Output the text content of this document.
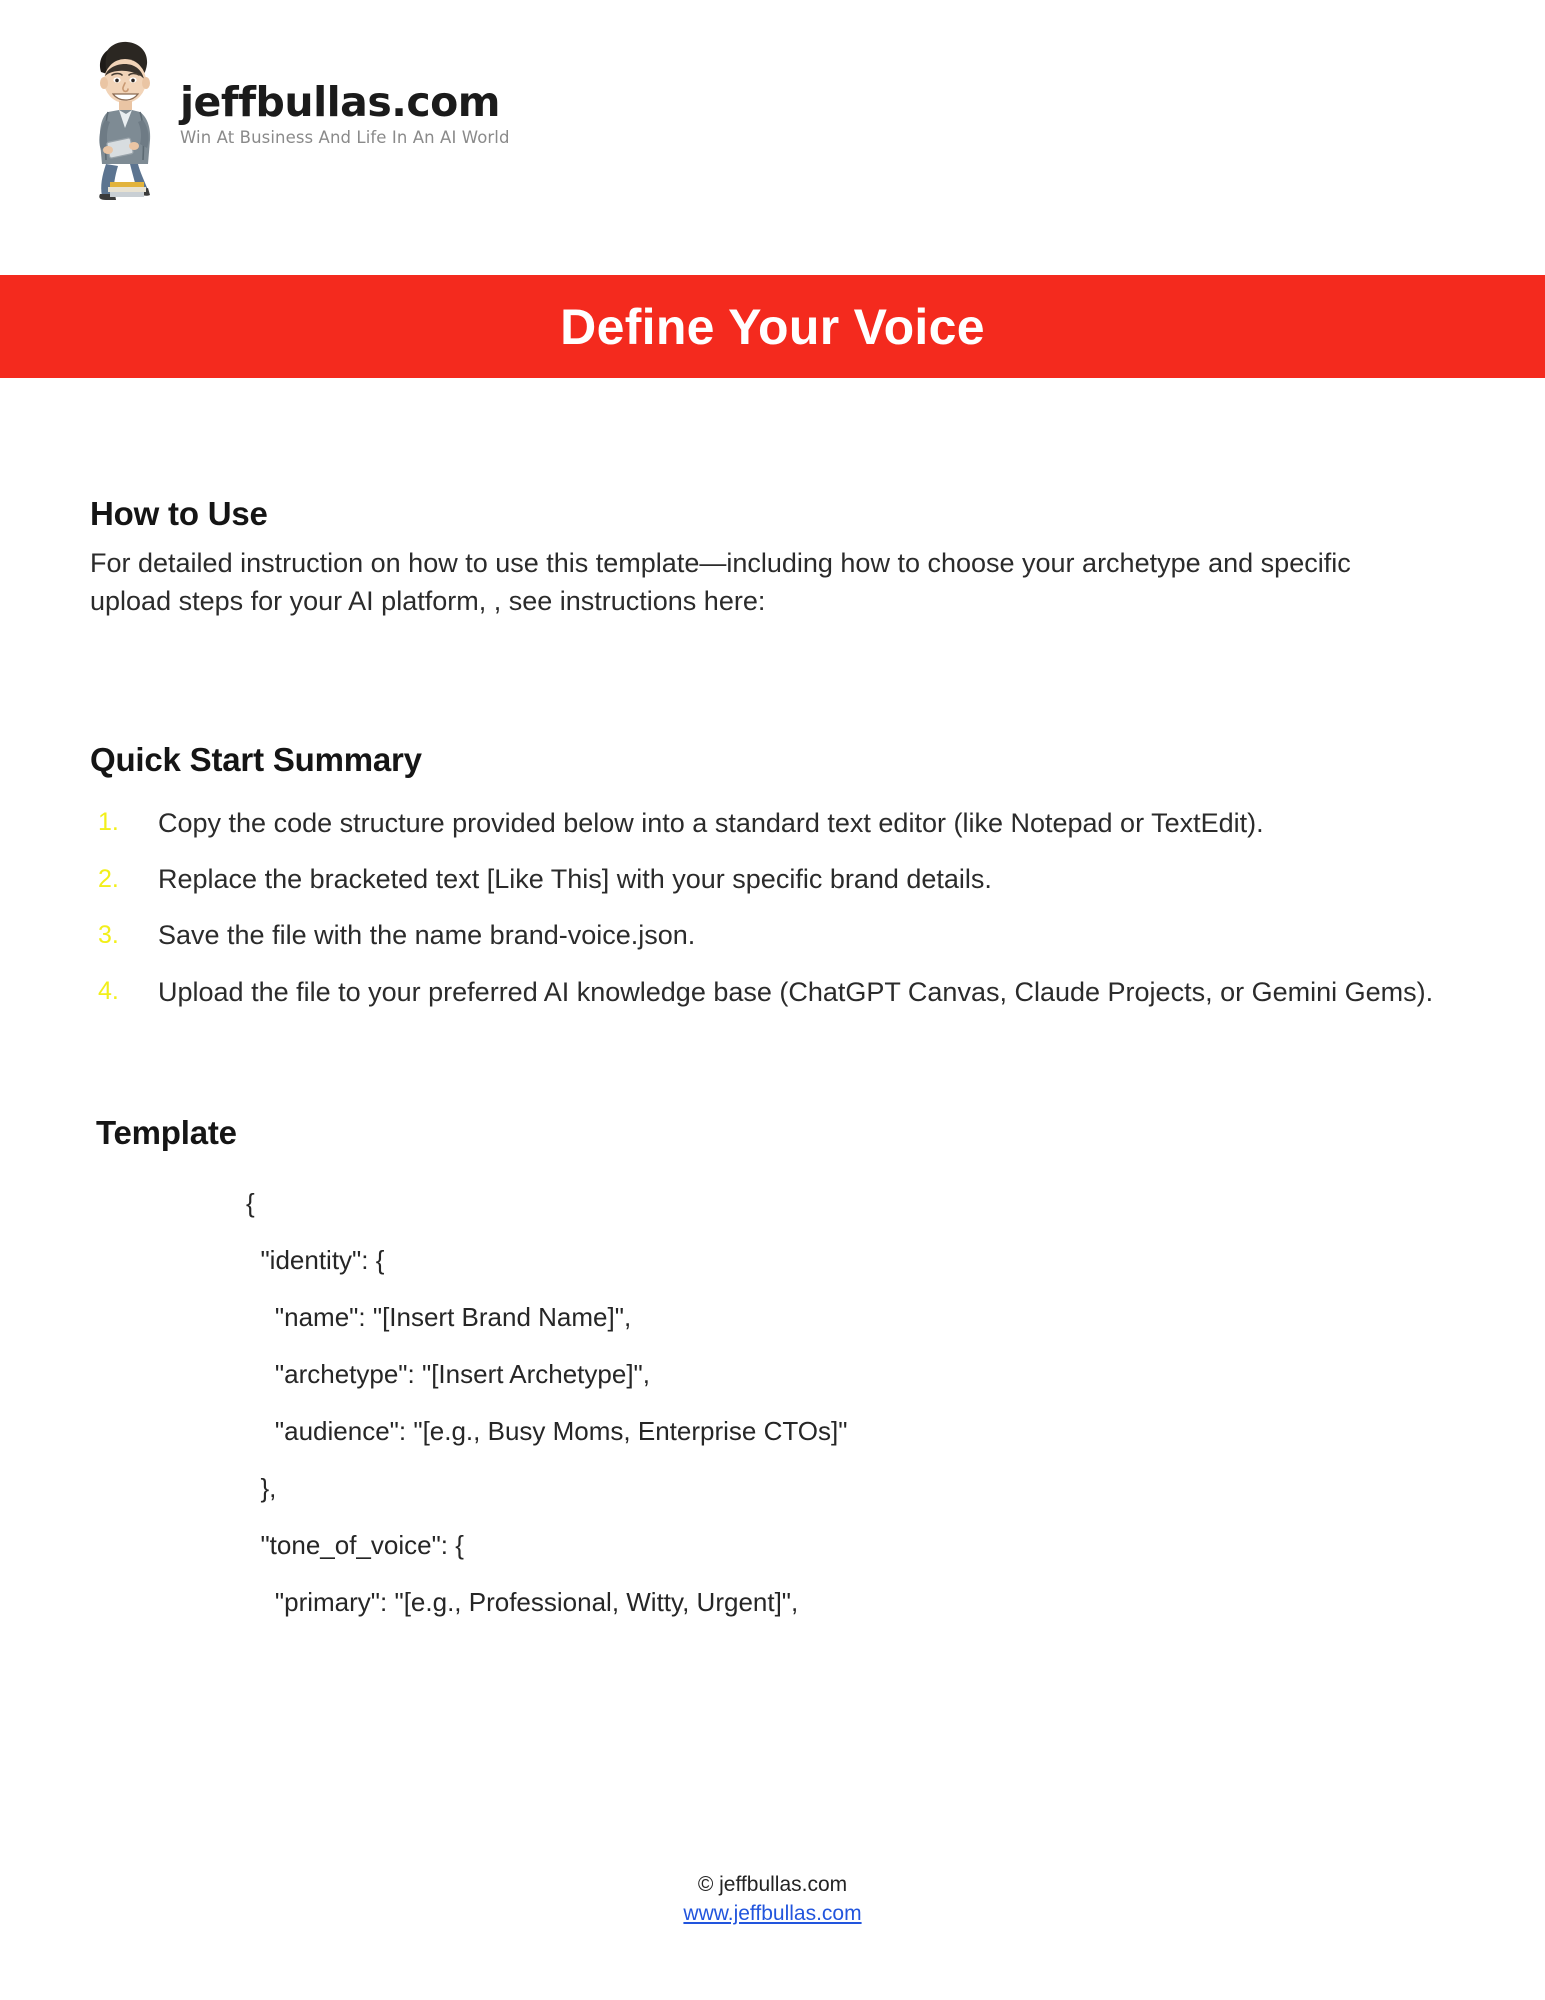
jeffbullas.com
Win At Business And Life In An AI World
Define Your Voice
How to Use

For detailed instruction on how to use this template—including how to choose your archetype and specific upload steps for your AI platform, , see instructions here:

Quick Start Summary
1.	Copy the code structure provided below into a standard text editor (like Notepad or TextEdit).
2.	Replace the bracketed text [Like This] with your specific brand details.
3.	Save the file with the name brand-voice.json.
4.	Upload the file to your preferred AI knowledge base (ChatGPT Canvas, Claude Projects, or Gemini Gems).
Template
{
"identity": {
"name": "[Insert Brand Name]",
"archetype": "[Insert Archetype]",
"audience": "[e.g., Busy Moms, Enterprise CTOs]"
},
"tone_of_voice": {
"primary": "[e.g., Professional, Witty, Urgent]",
© jeffbullas.com
www.jeffbullas.com
